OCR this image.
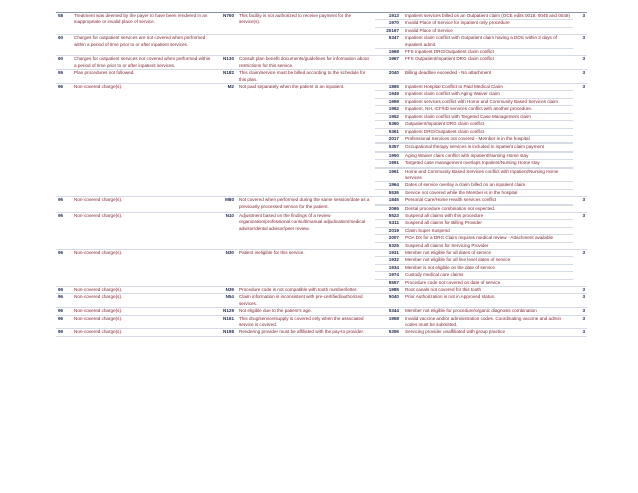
58	Treatment was deemed by the payer to have been rendered in an inappropriate or invalid place of service.	N760	This facility is not authorized to receive payment for the service(s).	1913	Inpatient services billed on an Outpatient claim (OCE edits 0018, 0045 and 0049)	3
				1970	Invalid Place of Service for inpatient only procedure	
				20167	Invalid Place of Service	
60	Charges for outpatient services are not covered when performed within a period of time prior to or after inpatient services.			5347	Inpatient claim conflict with Outpatient claim having a DOS within 3 days of inpatient admit.	3
				1968	FFS Inpatient DRG/Outpatient claim conflict	
60	Charges for outpatient services not covered when performed within a period of time prior to or after inpatient services.	N130	Consult plan benefit documents/guidelines for information about restrictions for this service.	1967	FFS Outpatient/Inpatient DRG claim conflict	3
95	Plan procedures not followed.	N182	This claim/service must be billed according to the schedule for this plan.	2040	Billing deadline exceeded - No attachment	3
96	Non-covered charge(s).	M2	Not paid separately when the patient is an inpatient.	1865	Inpatient Hospital Conflict to Paid Medical Claim	3
				1949	Inpatient claim conflict with Aging Waiver claim	
				1959	Inpatient services conflict with Home and Community Based Services claim	
				1962	Inpatient, NH, ICF/IID services conflict with another procedure.	
				1952	Inpatient claim conflict with Targeted Case Management claim	
				5360	Outpatient/Inpatient DRG claim conflict	
				5361	Inpatient DRG/Outpatient claim conflict	
				2017	Professional Services not covered - Member is in the hospital	

				5357	Occupational therapy services is included in inpatient claim payment	

				1950	Aging Waiver claim conflict with Inpatient/Nursing Home stay	
				1951	Targeted case management overlaps Inpatient/Nursing Home stay	

				1961	Home and Community Based Services conflict with Inpatient/Nursing Home services	
				1964	Dates of service overlay a claim billed on an inpatient claim.	
				5536	Service not covered while the Member is in the hospital	
96	Non-covered charge(s).	M80	Not covered when performed during the same session/date as a previously processed service for the patient.	1845	Personal Care/Home Health services conflict	3

				2065	Dental procedure combination not expected.	
96	Non-covered charge(s).	N10	Adjustment based on the findings of a review organization/professional consult/manual adjudication/medical advisor/dental advisor/peer review.	5523	Suspend all claims with this procedure	3
				5311	Suspend all claims for Billing Provider	
				2019	Claim Super Suspend	
				2007	POA DX for a DRG Claim requires medical review - Attachment available	
				5325	Suspend all claims for Servicing Provider	
96	Non-covered charge(s).	N30	Patient ineligible for this service.	1931	Member not eligible for all dates of service	3
				1932	Member not eligible for all line level dates of service	
				1934	Member is not eligible on the date of service	
				1974	Custody medical care claims	
				5557	Procedure code not covered on date of service.	
96	Non-covered charge(s).	N39	Procedure code is not compatible with tooth number/letter.	1985	Root canals not covered for this tooth	3
96	Non-covered charge(s).	N54	Claim information is inconsistent with pre-certified/authorized services.	5040	Prior Authorization is not in Approved status.	3
96	Non-covered charge(s).	N129	Not eligible due to the patient's age.	5344	Member not eligible for procedure/organic diagnosis combination	3
96	Non-covered charge(s).	N161	This drug/service/supply is covered only when the associated service is covered.	1958	Invalid vaccine and/or administration codes. Coordinating vaccine and admin codes must be submitted.	3
96	Non-covered charge(s).	N198	Rendering provider must be affiliated with the pay-to provider.	5356	Servicing provider unaffiliated with group practice	3
